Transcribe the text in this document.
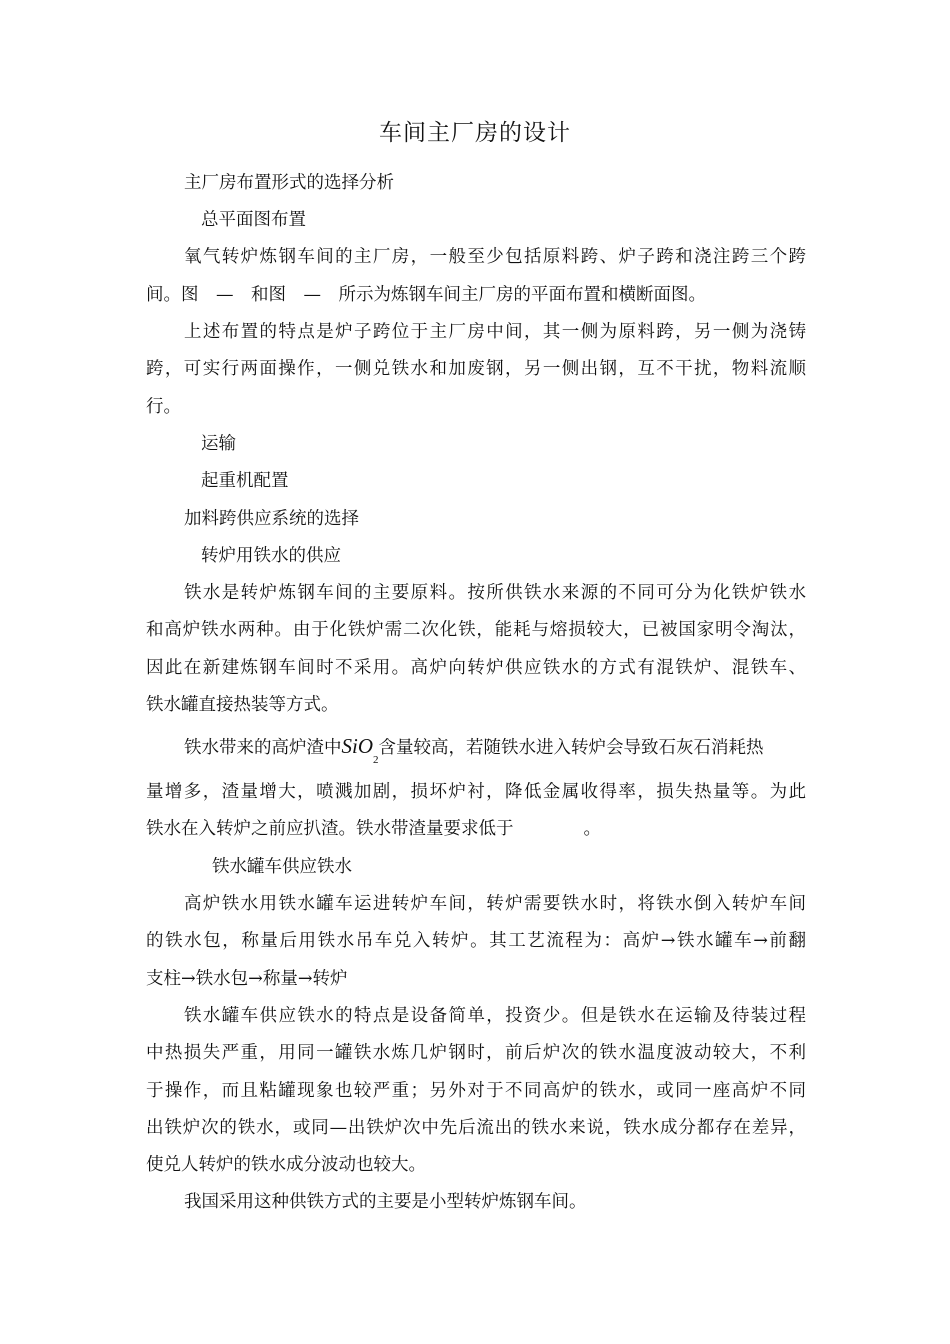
车间主厂房的设计
主厂房布置形式的选择分析
总平面图布置
氧气转炉炼钢车间的主厂房，一般至少包括原料跨、炉子跨和浇注跨三个跨
间。图　—　和图　—　所示为炼钢车间主厂房的平面布置和横断面图。
上述布置的特点是炉子跨位于主厂房中间，其一侧为原料跨，另一侧为浇铸
跨，可实行两面操作，一侧兑铁水和加废钢，另一侧出钢，互不干扰，物料流顺
行。
运输
起重机配置
加料跨供应系统的选择
转炉用铁水的供应
铁水是转炉炼钢车间的主要原料。按所供铁水来源的不同可分为化铁炉铁水
和高炉铁水两种。由于化铁炉需二次化铁，能耗与熔损较大，已被国家明令淘汰，
因此在新建炼钢车间时不采用。高炉向转炉供应铁水的方式有混铁炉、混铁车、
铁水罐直接热装等方式。
铁水带来的高炉渣中SiO$_2$含量较高，若随铁水进入转炉会导致石灰石消耗热
量增多，渣量增大，喷溅加剧，损坏炉衬，降低金属收得率，损失热量等。为此
铁水在入转炉之前应扒渣。铁水带渣量要求低于　　　　。
铁水罐车供应铁水
高炉铁水用铁水罐车运进转炉车间，转炉需要铁水时，将铁水倒入转炉车间
的铁水包，称量后用铁水吊车兑入转炉。其工艺流程为：高炉→铁水罐车→前翻
支柱→铁水包→称量→转炉
铁水罐车供应铁水的特点是设备简单，投资少。但是铁水在运输及待装过程
中热损失严重，用同一罐铁水炼几炉钢时，前后炉次的铁水温度波动较大，不利
于操作，而且粘罐现象也较严重；另外对于不同高炉的铁水，或同一座高炉不同
出铁炉次的铁水，或同—出铁炉次中先后流出的铁水来说，铁水成分都存在差异，
使兑人转炉的铁水成分波动也较大。
我国采用这种供铁方式的主要是小型转炉炼钢车间。
